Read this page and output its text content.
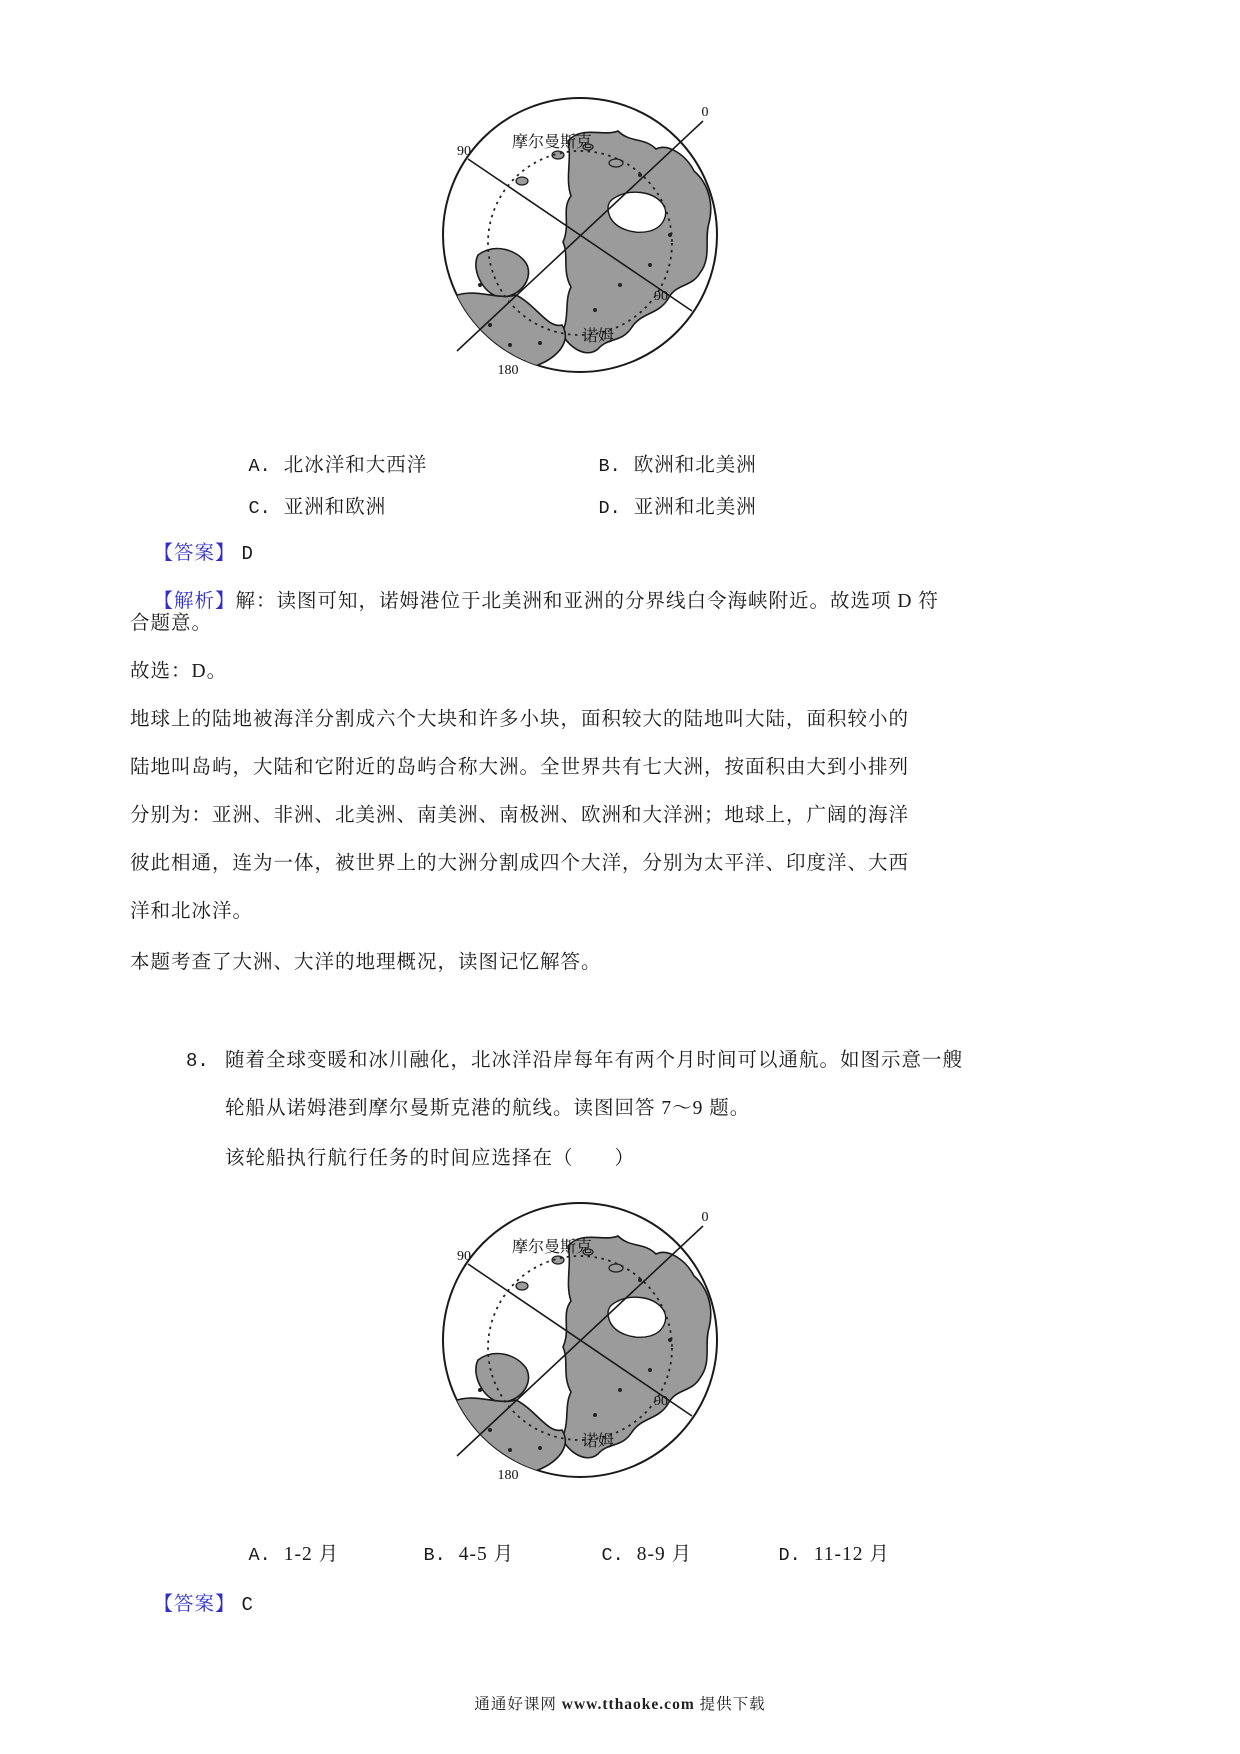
0
90
90
180
摩尔曼斯克
诺姆

A. 北冰洋和大西洋
	B. 欧洲和北美洲

C. 亚洲和欧洲
	D. 亚洲和北美洲

【答案】 D

【解析】解：读图可知，诺姆港位于北美洲和亚洲的分界线白令海峡附近。故选项 D 符

合题意。
故选：D。
地球上的陆地被海洋分割成六个大块和许多小块，面积较大的陆地叫大陆，面积较小的
陆地叫岛屿，大陆和它附近的岛屿合称大洲。全世界共有七大洲，按面积由大到小排列
分别为：亚洲、非洲、北美洲、南美洲、南极洲、欧洲和大洋洲；地球上，广阔的海洋
彼此相通，连为一体，被世界上的大洲分割成四个大洋，分别为太平洋、印度洋、大西
洋和北冰洋。
本题考查了大洲、大洋的地理概况，读图记忆解答。
8. 随着全球变暖和冰川融化，北冰洋沿岸每年有两个月时间可以通航。如图示意一艘
轮船从诺姆港到摩尔曼斯克港的航线。读图回答 7～9 题。
该轮船执行航行任务的时间应选择在（　　）
0
90
90
180
摩尔曼斯克
诺姆

A. 1-2 月
	B. 4-5 月
	C. 8-9 月
	D. 11-12 月

【答案】 C

通通好课网 www.tthaoke.com 提供下载
